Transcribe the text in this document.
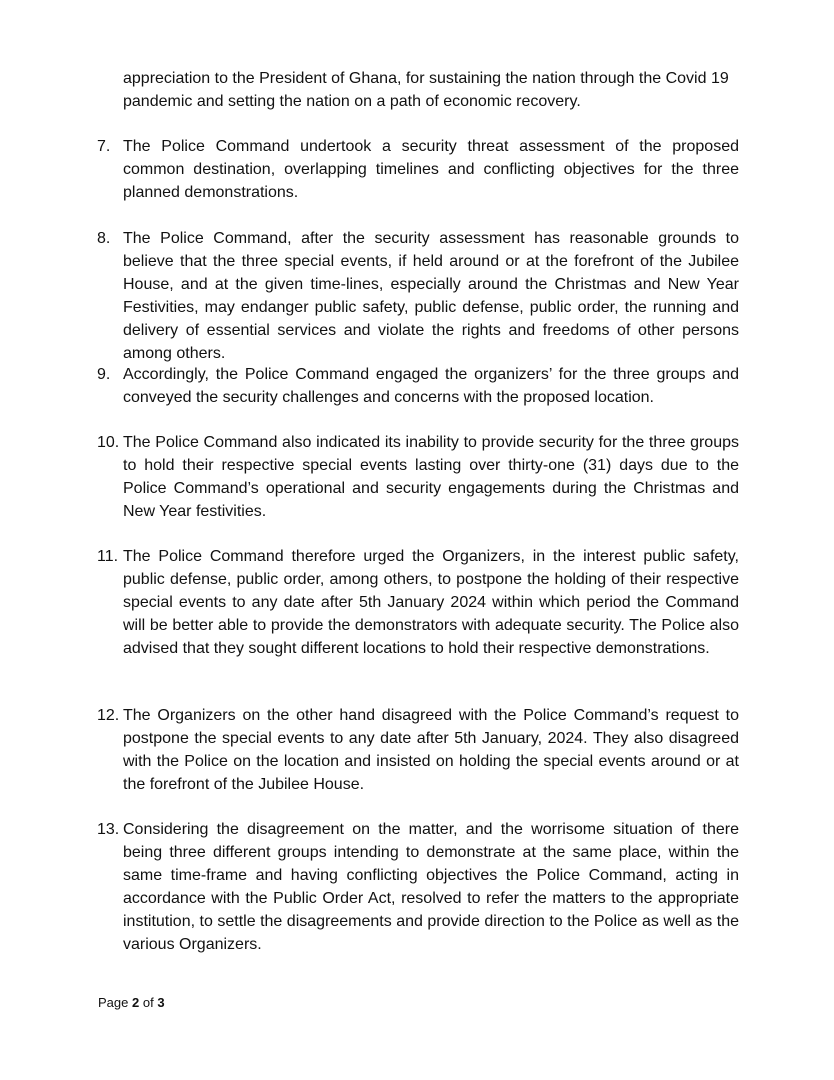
appreciation to the President of Ghana, for sustaining the nation through the Covid 19 pandemic and setting the nation on a path of economic recovery.

7. The Police Command undertook a security threat assessment of the proposed common destination, overlapping timelines and conflicting objectives for the three planned demonstrations.
8. The Police Command, after the security assessment has reasonable grounds to believe that the three special events, if held around or at the forefront of the Jubilee House, and at the given time-lines, especially around the Christmas and New Year Festivities, may endanger public safety, public defense, public order, the running and delivery of essential services and violate the rights and freedoms of other persons among others.
9. Accordingly, the Police Command engaged the organizers’ for the three groups and conveyed the security challenges and concerns with the proposed location.
10. The Police Command also indicated its inability to provide security for the three groups to hold their respective special events lasting over thirty-one (31) days due to the Police Command’s operational and security engagements during the Christmas and New Year festivities.
11. The Police Command therefore urged the Organizers, in the interest public safety, public defense, public order, among others, to postpone the holding of their respective special events to any date after 5th January 2024 within which period the Command will be better able to provide the demonstrators with adequate security. The Police also advised that they sought different locations to hold their respective demonstrations.
12. The Organizers on the other hand disagreed with the Police Command’s request to postpone the special events to any date after 5th January, 2024. They also disagreed with the Police on the location and insisted on holding the special events around or at the forefront of the Jubilee House.
13. Considering the disagreement on the matter, and the worrisome situation of there being three different groups intending to demonstrate at the same place, within the same time-frame and having conflicting objectives the Police Command, acting in accordance with the Public Order Act, resolved to refer the matters to the appropriate institution, to settle the disagreements and provide direction to the Police as well as the various Organizers.
Page 2 of 3
